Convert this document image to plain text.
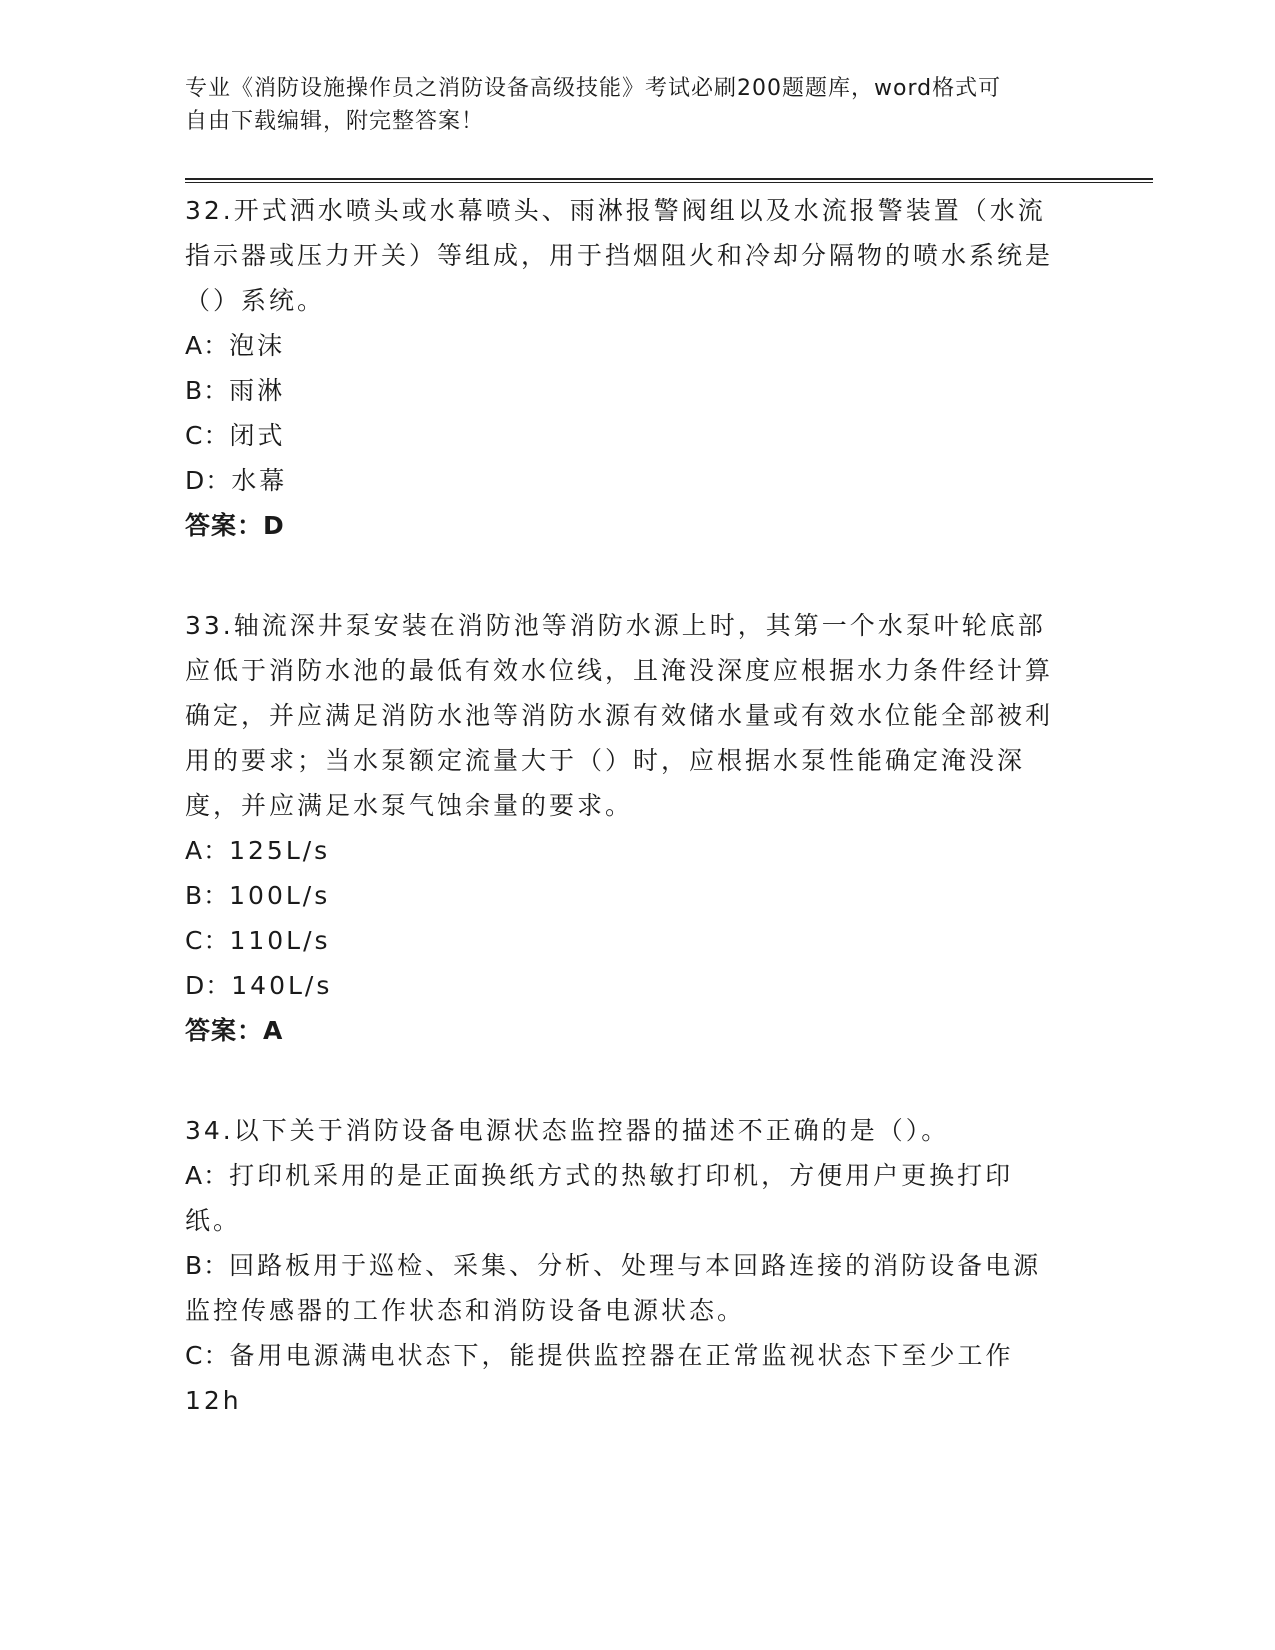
专业《消防设施操作员之消防设备高级技能》考试必刷200题题库，word格式可
自由下载编辑，附完整答案！

32.开式洒水喷头或水幕喷头、雨淋报警阀组以及水流报警装置（水流指示器或压力开关）等组成，用于挡烟阻火和冷却分隔物的喷水系统是（）系统。

A：泡沫

B：雨淋

C：闭式

D：水幕

答案：D

33.轴流深井泵安装在消防池等消防水源上时，其第一个水泵叶轮底部应低于消防水池的最低有效水位线，且淹没深度应根据水力条件经计算确定，并应满足消防水池等消防水源有效储水量或有效水位能全部被利用的要求；当水泵额定流量大于（）时，应根据水泵性能确定淹没深度，并应满足水泵气蚀余量的要求。

A：125L/s

B：100L/s

C：110L/s

D：140L/s

答案：A

34.以下关于消防设备电源状态监控器的描述不正确的是（）。

A：打印机采用的是正面换纸方式的热敏打印机，方便用户更换打印纸。

B：回路板用于巡检、采集、分析、处理与本回路连接的消防设备电源监控传感器的工作状态和消防设备电源状态。

C：备用电源满电状态下，能提供监控器在正常监视状态下至少工作12h
